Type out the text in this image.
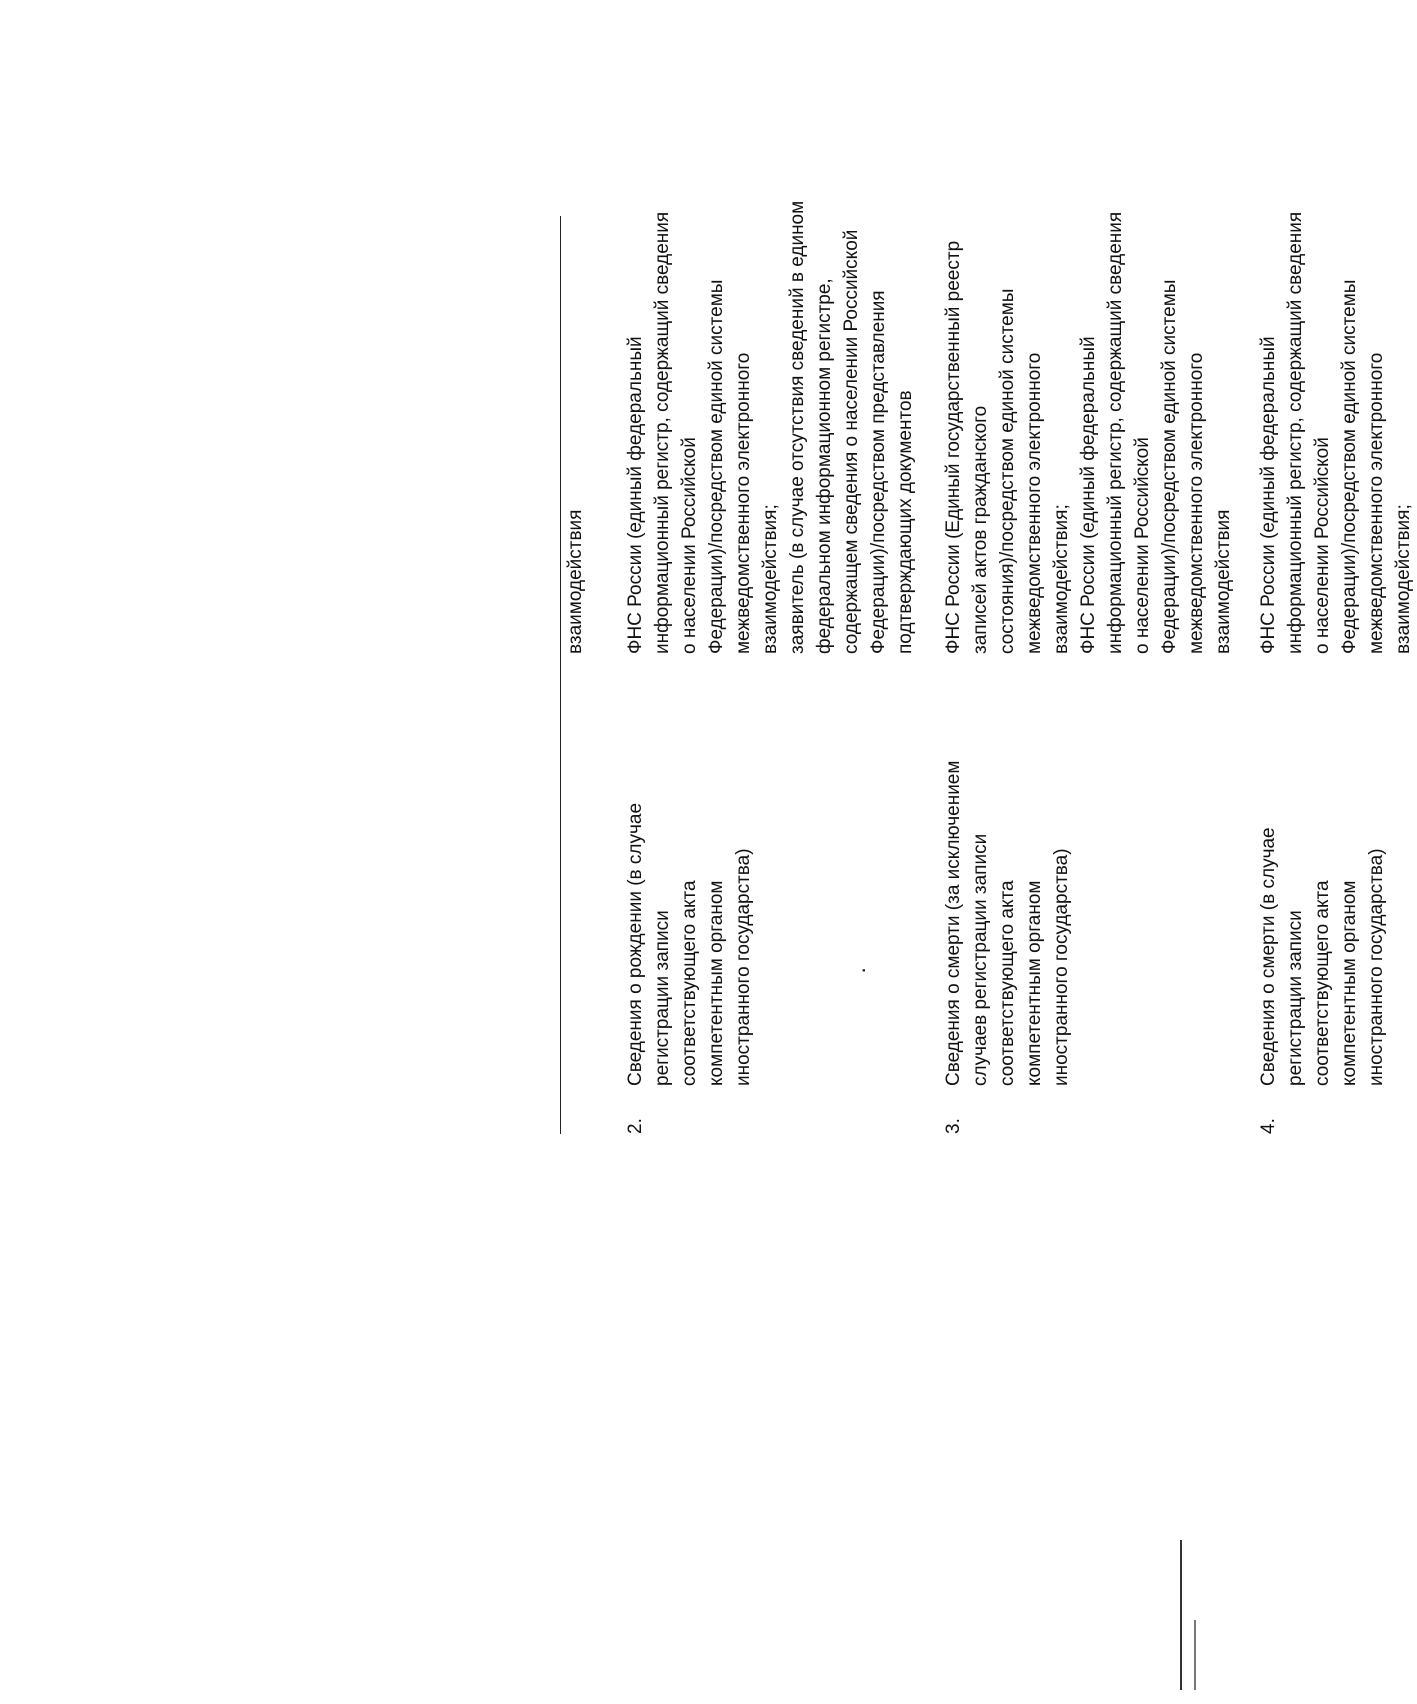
взаимодействия
2.
Сведения о рождении (в случае регистрации записи соответствующего акта компетентным органом иностранного государства)	·
ФНС России (единый федеральный информационный регистр, содержащий сведения о населении Российской Федерации)/посредством единой системы межведомственного электронного взаимодействия; заявитель (в случае отсутствия сведений в едином федеральном информационном регистре, содержащем сведения о населении Российской Федерации)/посредством представления подтверждающих документов
3.
Сведения о смерти (за исключением случаев регистрации записи соответствующего акта компетентным органом иностранного государства)
ФНС России (Единый государственный реестр записей актов гражданского состояния)/посредством единой системы межведомственного электронного взаимодействия; ФНС России (единый федеральный информационный регистр, содержащий сведения о населении Российской Федерации)/посредством единой системы межведомственного электронного взаимодействия
4.
Сведения о смерти (в случае регистрации записи соответствующего акта компетентным органом иностранного государства)
ФНС России (единый федеральный информационный регистр, содержащий сведения о населении Российской Федерации)/посредством единой системы межведомственного электронного взаимодействия;
